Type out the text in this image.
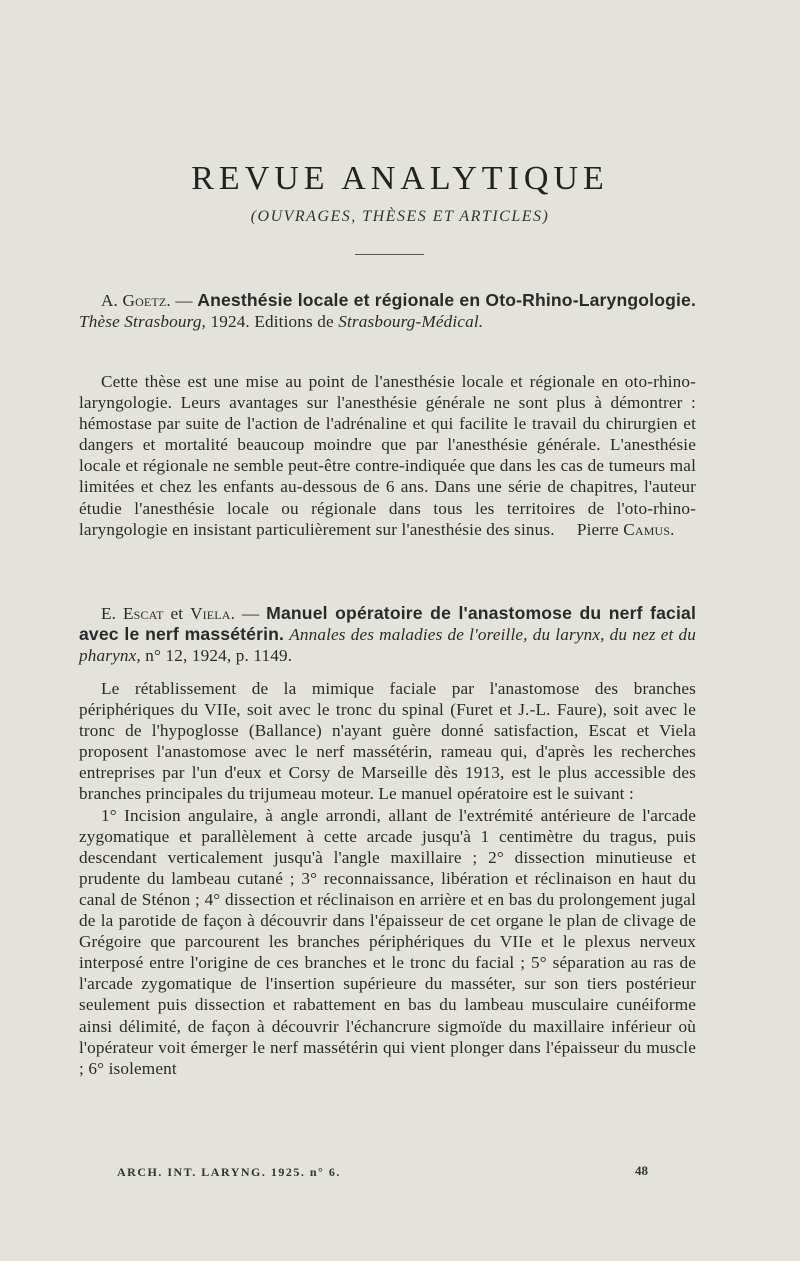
REVUE ANALYTIQUE
(OUVRAGES, THÈSES ET ARTICLES)

A. Goetz. — Anesthésie locale et régionale en Oto-Rhino-Laryngologie. Thèse Strasbourg, 1924. Editions de Strasbourg-Médical.

Cette thèse est une mise au point de l'anesthésie locale et régionale en oto-rhino-laryngologie. Leurs avantages sur l'anesthésie générale ne sont plus à démontrer : hémostase par suite de l'action de l'adrénaline et qui facilite le travail du chirurgien et dangers et mortalité beaucoup moindre que par l'anesthésie générale. L'anesthésie locale et régionale ne semble peut-être contre-indiquée que dans les cas de tumeurs mal limitées et chez les enfants au-dessous de 6 ans. Dans une série de chapitres, l'auteur étudie l'anesthésie locale ou régionale dans tous les territoires de l'oto-rhino-laryngologie en insistant particulièrement sur l'anesthésie des sinus. Pierre Camus.

E. Escat et Viela. — Manuel opératoire de l'anastomose du nerf facial avec le nerf massétérin. Annales des maladies de l'oreille, du larynx, du nez et du pharynx, n° 12, 1924, p. 1149.

Le rétablissement de la mimique faciale par l'anastomose des branches périphériques du VIIe, soit avec le tronc du spinal (Furet et J.-L. Faure), soit avec le tronc de l'hypoglosse (Ballance) n'ayant guère donné satisfaction, Escat et Viela proposent l'anastomose avec le nerf massétérin, rameau qui, d'après les recherches entreprises par l'un d'eux et Corsy de Marseille dès 1913, est le plus accessible des branches principales du trijumeau moteur. Le manuel opératoire est le suivant :

1° Incision angulaire, à angle arrondi, allant de l'extrémité antérieure de l'arcade zygomatique et parallèlement à cette arcade jusqu'à 1 centimètre du tragus, puis descendant verticalement jusqu'à l'angle maxillaire ; 2° dissection minutieuse et prudente du lambeau cutané ; 3° reconnaissance, libération et réclinaison en haut du canal de Sténon ; 4° dissection et réclinaison en arrière et en bas du prolongement jugal de la parotide de façon à découvrir dans l'épaisseur de cet organe le plan de clivage de Grégoire que parcourent les branches périphériques du VIIe et le plexus nerveux interposé entre l'origine de ces branches et le tronc du facial ; 5° séparation au ras de l'arcade zygomatique de l'insertion supérieure du masséter, sur son tiers postérieur seulement puis dissection et rabattement en bas du lambeau musculaire cunéiforme ainsi délimité, de façon à découvrir l'échancrure sigmoïde du maxillaire inférieur où l'opérateur voit émerger le nerf massétérin qui vient plonger dans l'épaisseur du muscle ; 6° isolement

ARCH. INT. LARYNG. 1925. n° 6.	48
